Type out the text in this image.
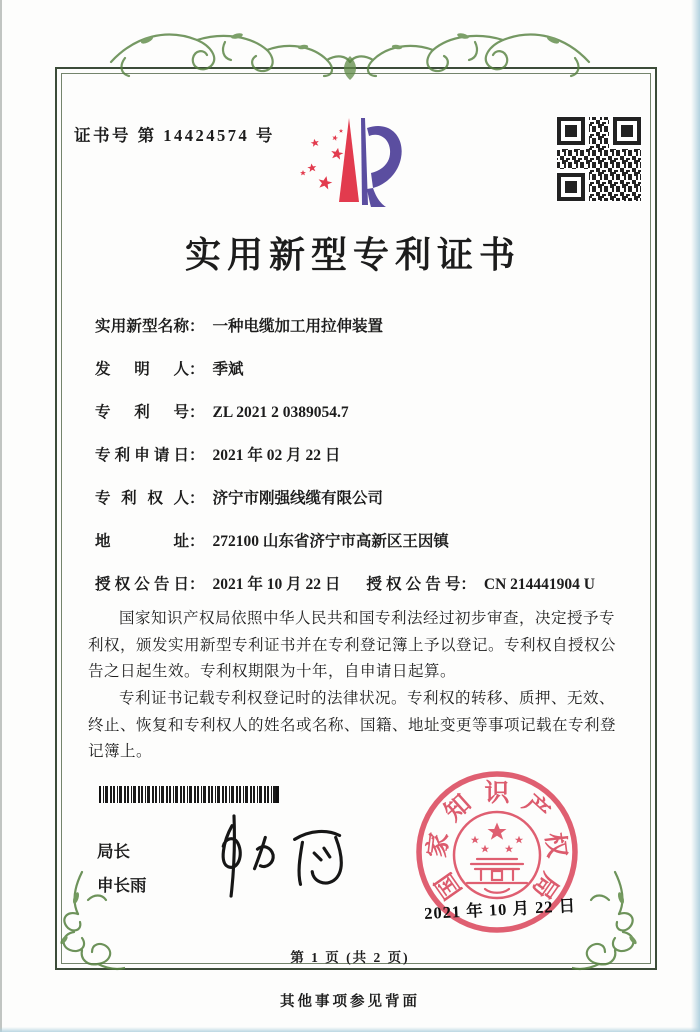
证书号 第 14424574 号
实用新型专利证书
实用新型名称： 一种电缆加工用拉伸装置
发明人： 季斌
专利号： ZL 2021 2 0389054.7
专利申请日： 2021 年 02 月 22 日
专利权人： 济宁市刚强线缆有限公司
地址： 272100 山东省济宁市高新区王因镇
授权公告日： 2021 年 10 月 22 日 授权公告号： CN 214441904 U

国家知识产权局依照中华人民共和国专利法经过初步审查，决定授予专利权，颁发实用新型专利证书并在专利登记簿上予以登记。专利权自授权公告之日起生效。专利权期限为十年，自申请日起算。

专利证书记载专利权登记时的法律状况。专利权的转移、质押、无效、终止、恢复和专利权人的姓名或名称、国籍、地址变更等事项记载在专利登记簿上。

局长
申长雨	国
家
知 识 产
权
局
2021 年 10 月 22 日
第 1 页 (共 2 页)
其他事项参见背面
